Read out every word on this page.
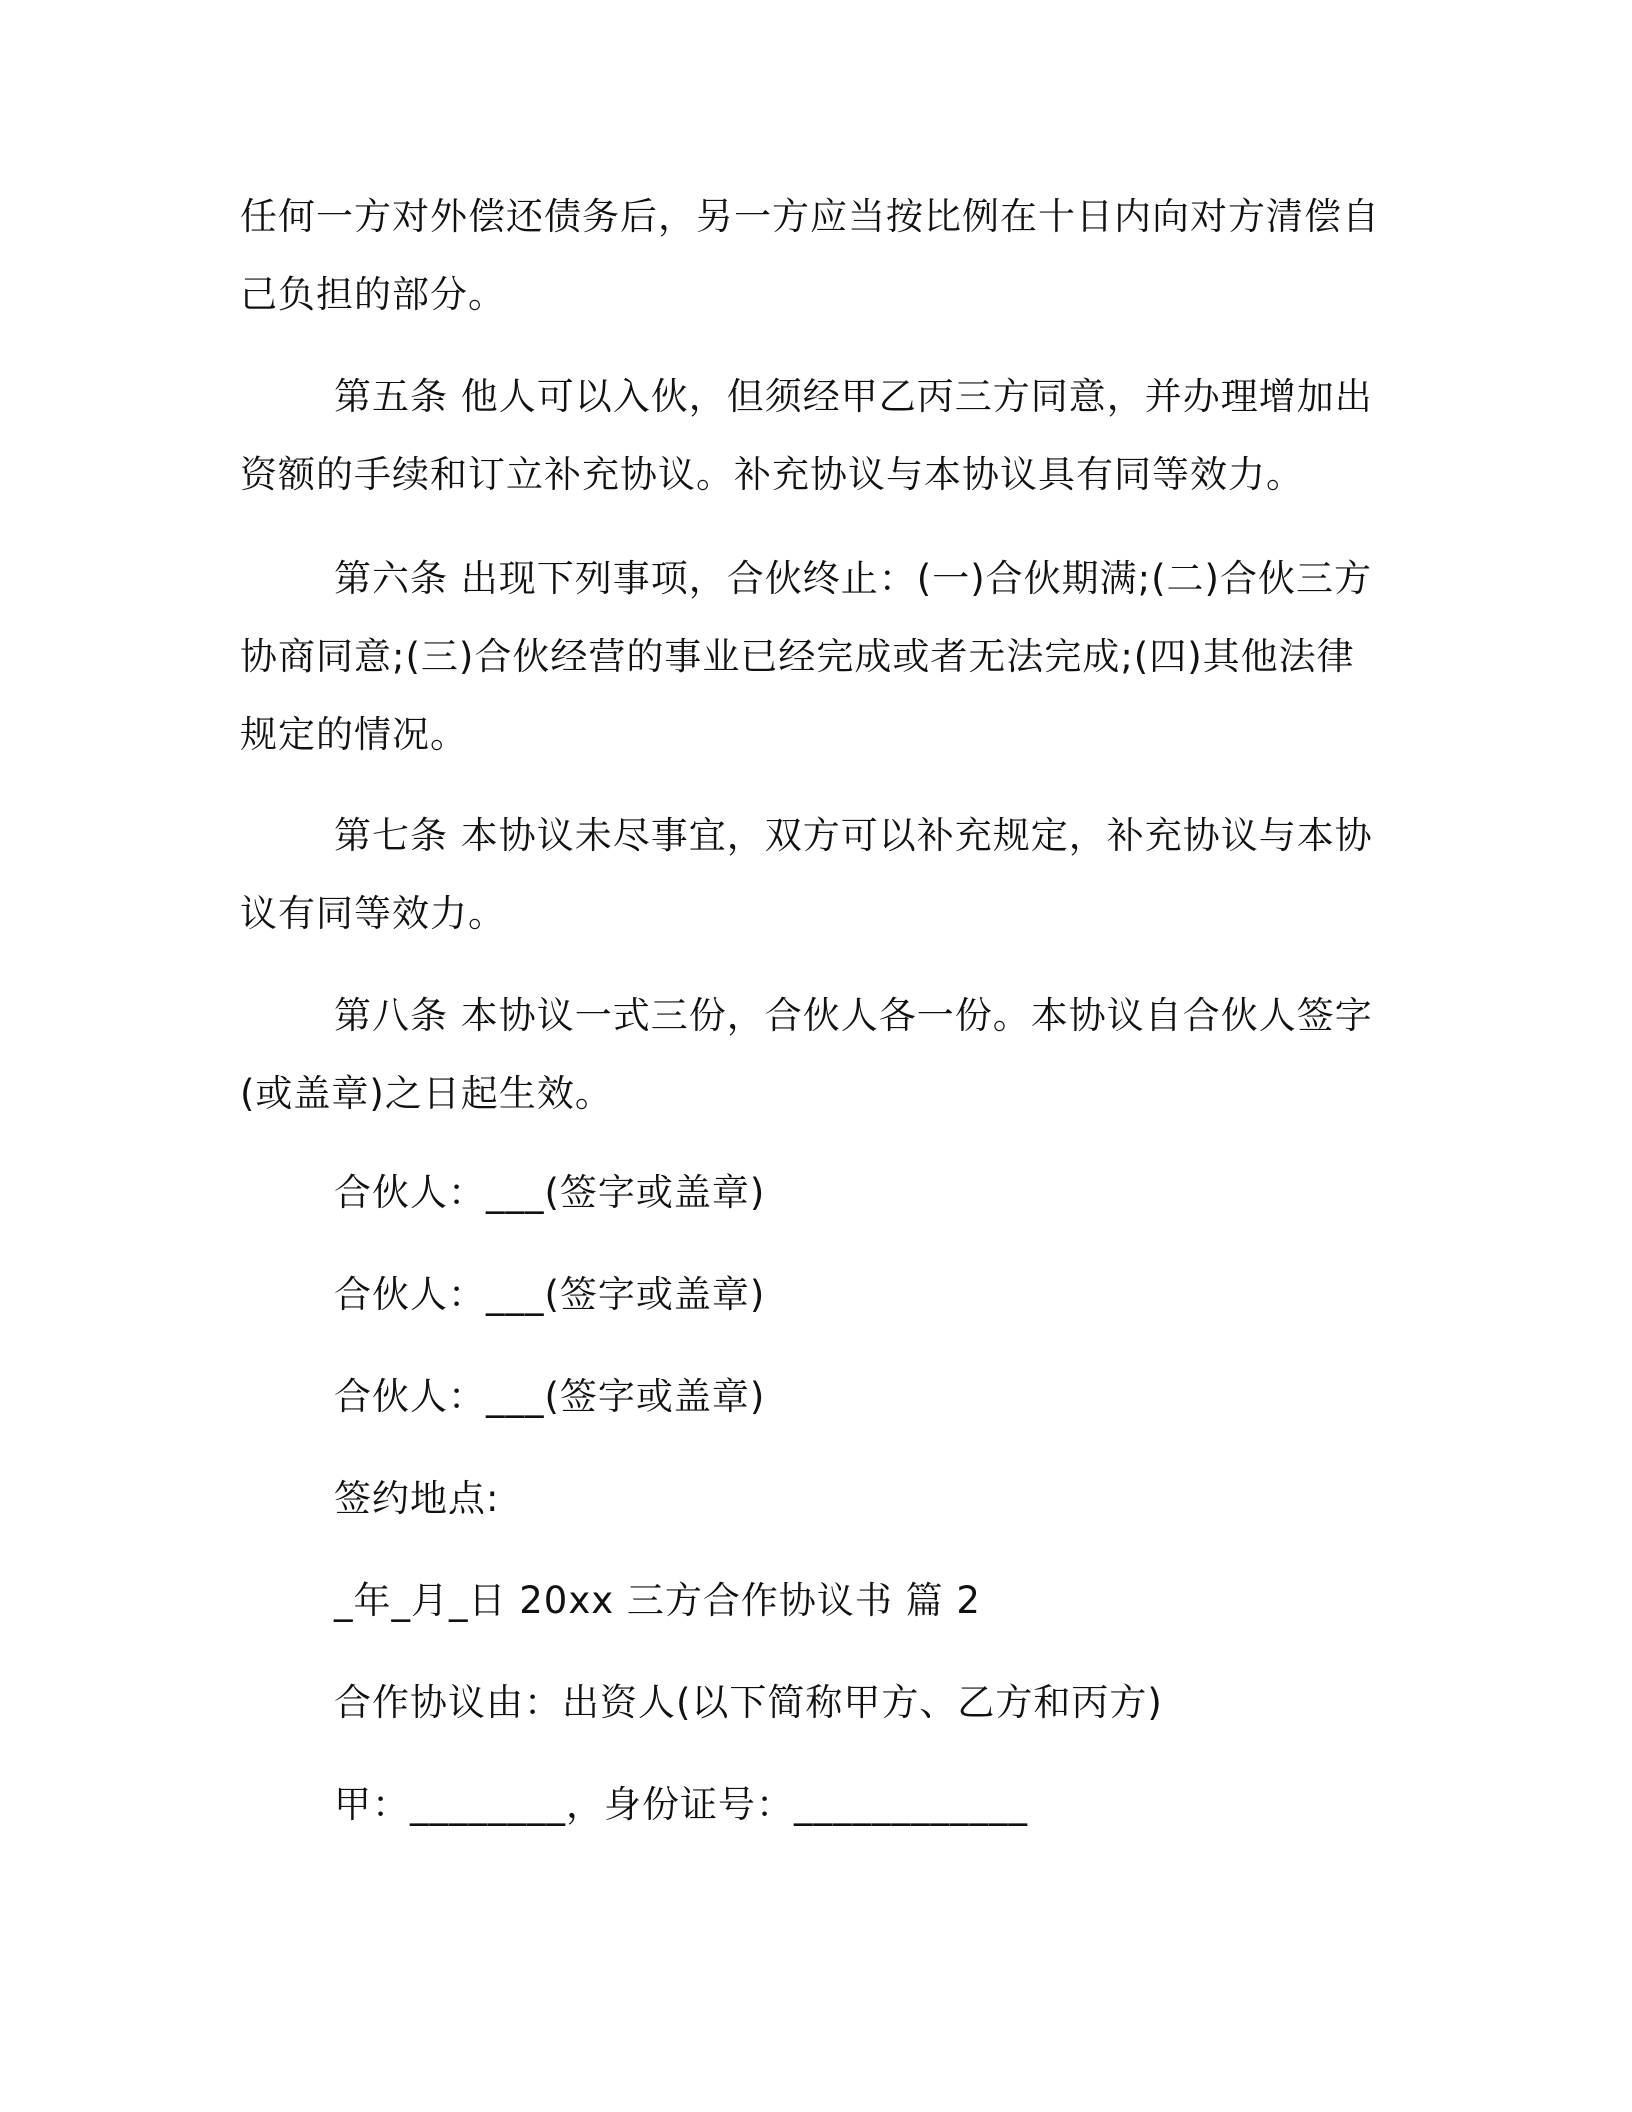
任何一方对外偿还债务后，另一方应当按比例在十日内向对方清偿自己负担的部分。
第五条 他人可以入伙，但须经甲乙丙三方同意，并办理增加出资额的手续和订立补充协议。补充协议与本协议具有同等效力。
第六条 出现下列事项，合伙终止：(一)合伙期满;(二)合伙三方协商同意;(三)合伙经营的事业已经完成或者无法完成;(四)其他法律规定的情况。
第七条 本协议未尽事宜，双方可以补充规定，补充协议与本协议有同等效力。
第八条 本协议一式三份，合伙人各一份。本协议自合伙人签字(或盖章)之日起生效。
合伙人：___(签字或盖章)
合伙人：___(签字或盖章)
合伙人：___(签字或盖章)
签约地点:
_年_月_日 20xx 三方合作协议书 篇 2
合作协议由：出资人(以下简称甲方、乙方和丙方)
甲：________，身份证号：____________
